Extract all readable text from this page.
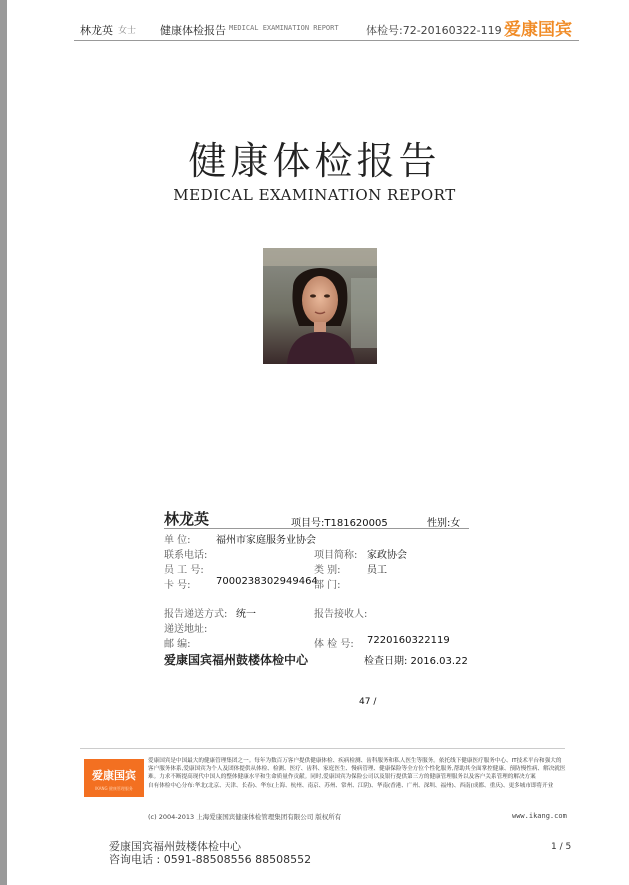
林龙英 女士 健康体检报告 MEDICAL EXAMINATION REPORT 体检号:72-20160322-119 爱康国宾
健康体检报告
MEDICAL EXAMINATION REPORT
林龙英	项目号:T181620005	性别:女
单 位:	福州市家庭服务业协会
联系电话:	项目简称: 家政协会
员 工 号:	类 别:	员工
卡 号:	7000238302949464
部 门:
报告递送方式: 统一	报告接收人:
递送地址:
邮 编:	体 检 号: 7220160322119
爱康国宾福州鼓楼体检中心	检查日期: 2016.03.22
47 /
爱康国宾
IKANG 健康管理服务
爱康国宾是中国最大的健康管理集团之一。每年为数百万客户提供健康体检、疾病检测、齿科服务和私人医生等服务。依托线下健康医疗服务中心、IT技术平台和强大的客户服务体系,爱康国宾为个人及团体提供从体检、检测、医疗、齿科、家庭医生、慢病管理、健康保险等全方位个性化服务,帮助其全面掌控健康、预防慢性病、解决就医难。力求不断提高现代中国人的整体健康水平和生命质量作贡献。同时,爱康国宾为保险公司以及银行提供第三方的健康管理服务以及客户关系管理的解决方案
自有体检中心分布:华北(北京、天津、长春)、华东(上海、杭州、南京、苏州、常州、江阴)、华南(香港、广州、深圳、福州)、西南(成都、重庆)、更多城市即将开业
(c) 2004-2013 上海爱康国宾健康体检管理集团有限公司 版权所有	www.ikang.com
爱康国宾福州鼓楼体检中心
咨询电话 : 0591-88508556 88508552
1 / 5
